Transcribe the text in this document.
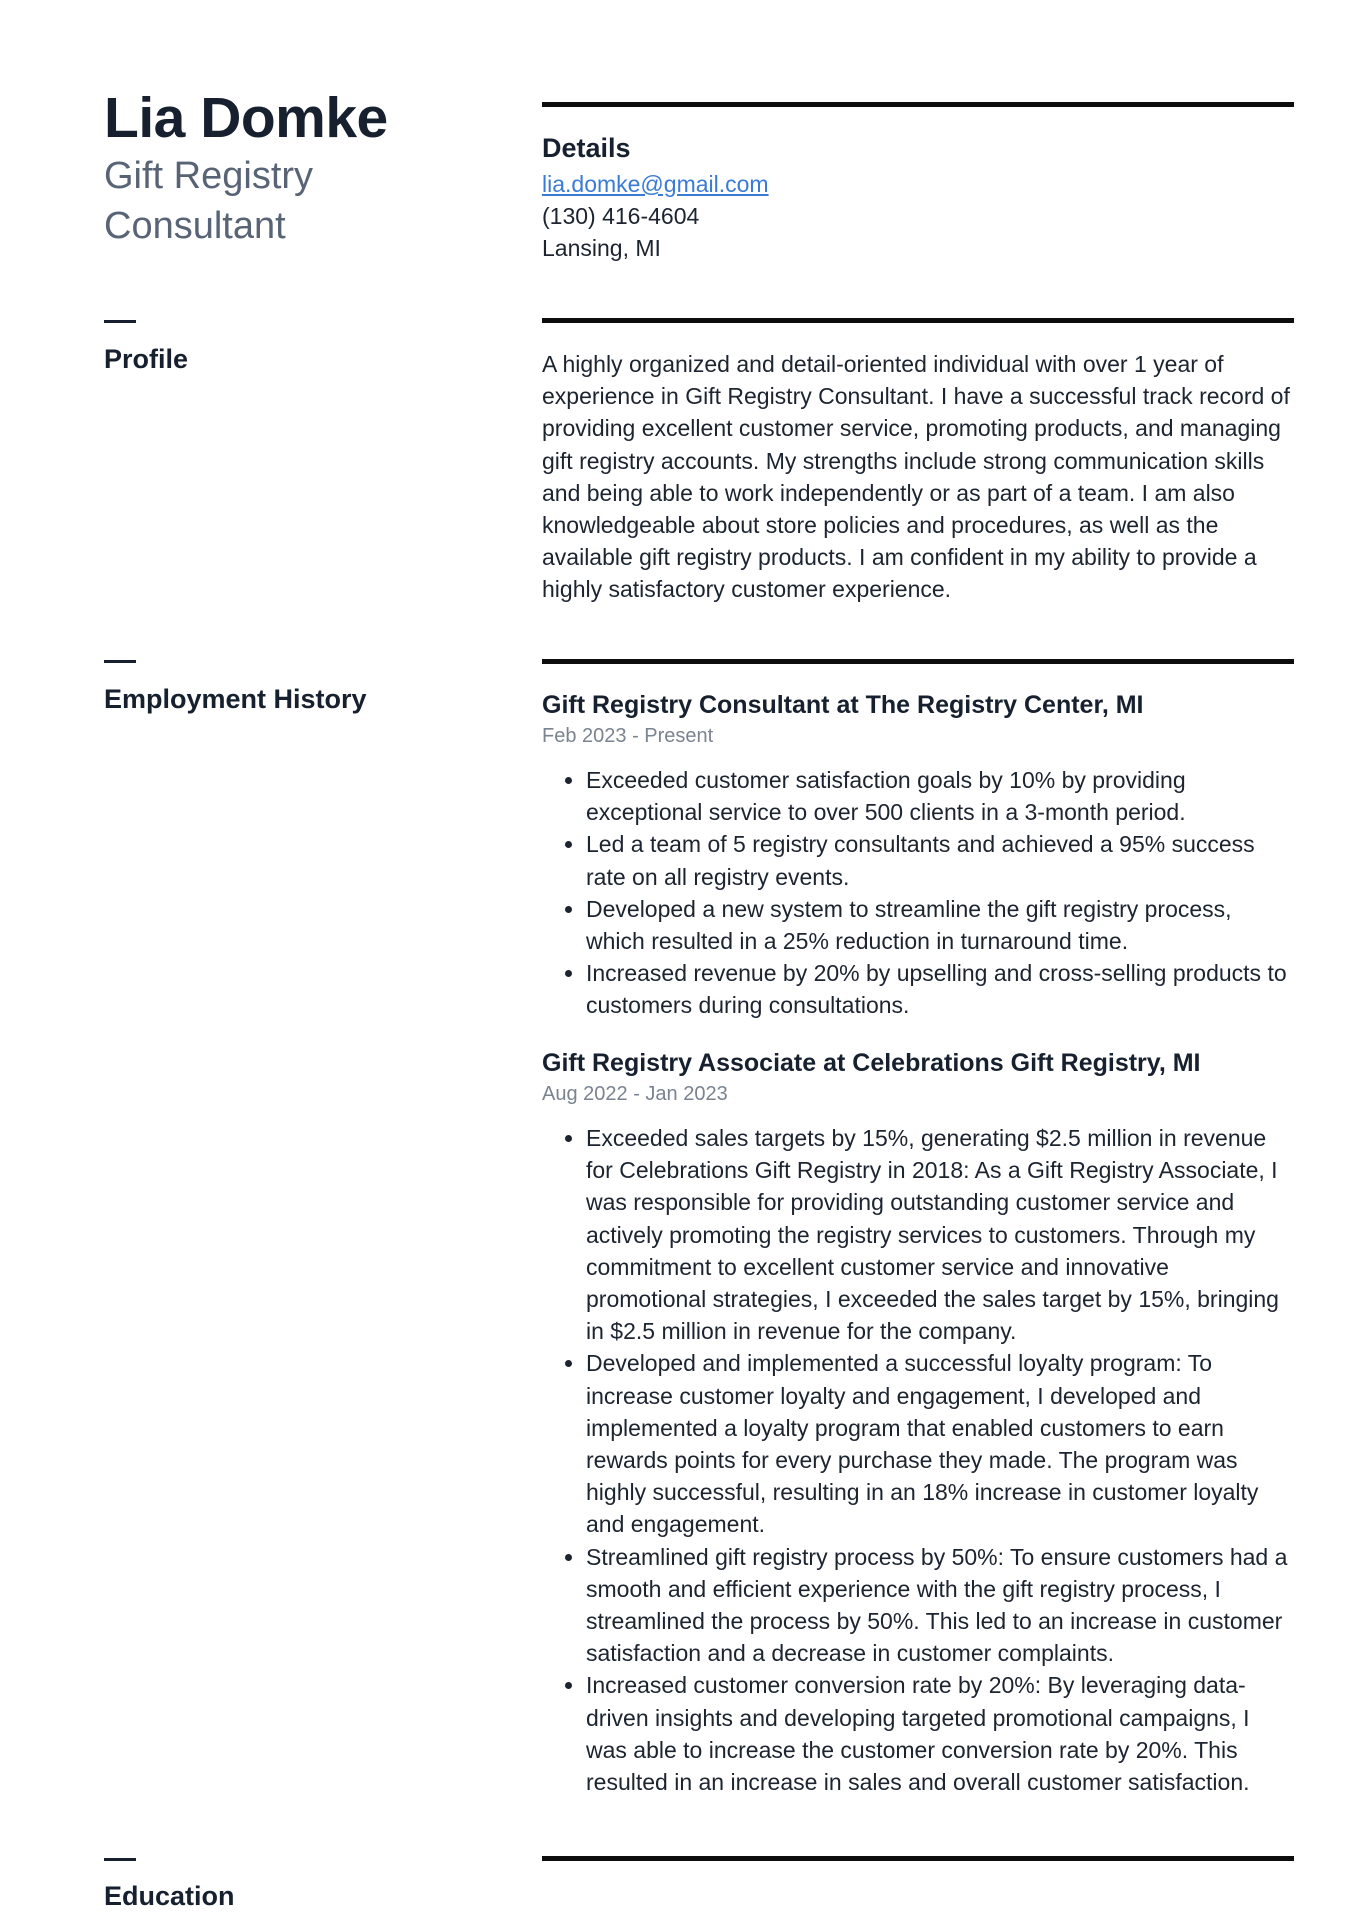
Lia Domke

Gift Registry Consultant

Details
lia.domke@gmail.com
(130) 416-4604
Lansing, MI
Profile	A highly organized and detail-oriented individual with over 1 year of experience in Gift Registry Consultant. I have a successful track record of providing excellent customer service, promoting products, and managing gift registry accounts. My strengths include strong communication skills and being able to work independently or as part of a team. I am also knowledgeable about store policies and procedures, as well as the available gift registry products. I am confident in my ability to provide a highly satisfactory customer experience.

Employment History	Gift Registry Consultant at The Registry Center, MI

Feb 2023 - Present

• Exceeded customer satisfaction goals by 10% by providing exceptional service to over 500 clients in a 3-month period.
• Led a team of 5 registry consultants and achieved a 95% success rate on all registry events.
• Developed a new system to streamline the gift registry process, which resulted in a 25% reduction in turnaround time.
• Increased revenue by 20% by upselling and cross-selling products to customers during consultations.
Gift Registry Associate at Celebrations Gift Registry, MI

Aug 2022 - Jan 2023

• Exceeded sales targets by 15%, generating $2.5 million in revenue for Celebrations Gift Registry in 2018: As a Gift Registry Associate, I was responsible for providing outstanding customer service and actively promoting the registry services to customers. Through my commitment to excellent customer service and innovative promotional strategies, I exceeded the sales target by 15%, bringing in $2.5 million in revenue for the company.
• Developed and implemented a successful loyalty program: To increase customer loyalty and engagement, I developed and implemented a loyalty program that enabled customers to earn rewards points for every purchase they made. The program was highly successful, resulting in an 18% increase in customer loyalty and engagement.
• Streamlined gift registry process by 50%: To ensure customers had a smooth and efficient experience with the gift registry process, I streamlined the process by 50%. This led to an increase in customer satisfaction and a decrease in customer complaints.
• Increased customer conversion rate by 20%: By leveraging data-driven insights and developing targeted promotional campaigns, I was able to increase the customer conversion rate by 20%. This resulted in an increase in sales and overall customer satisfaction.
Education
